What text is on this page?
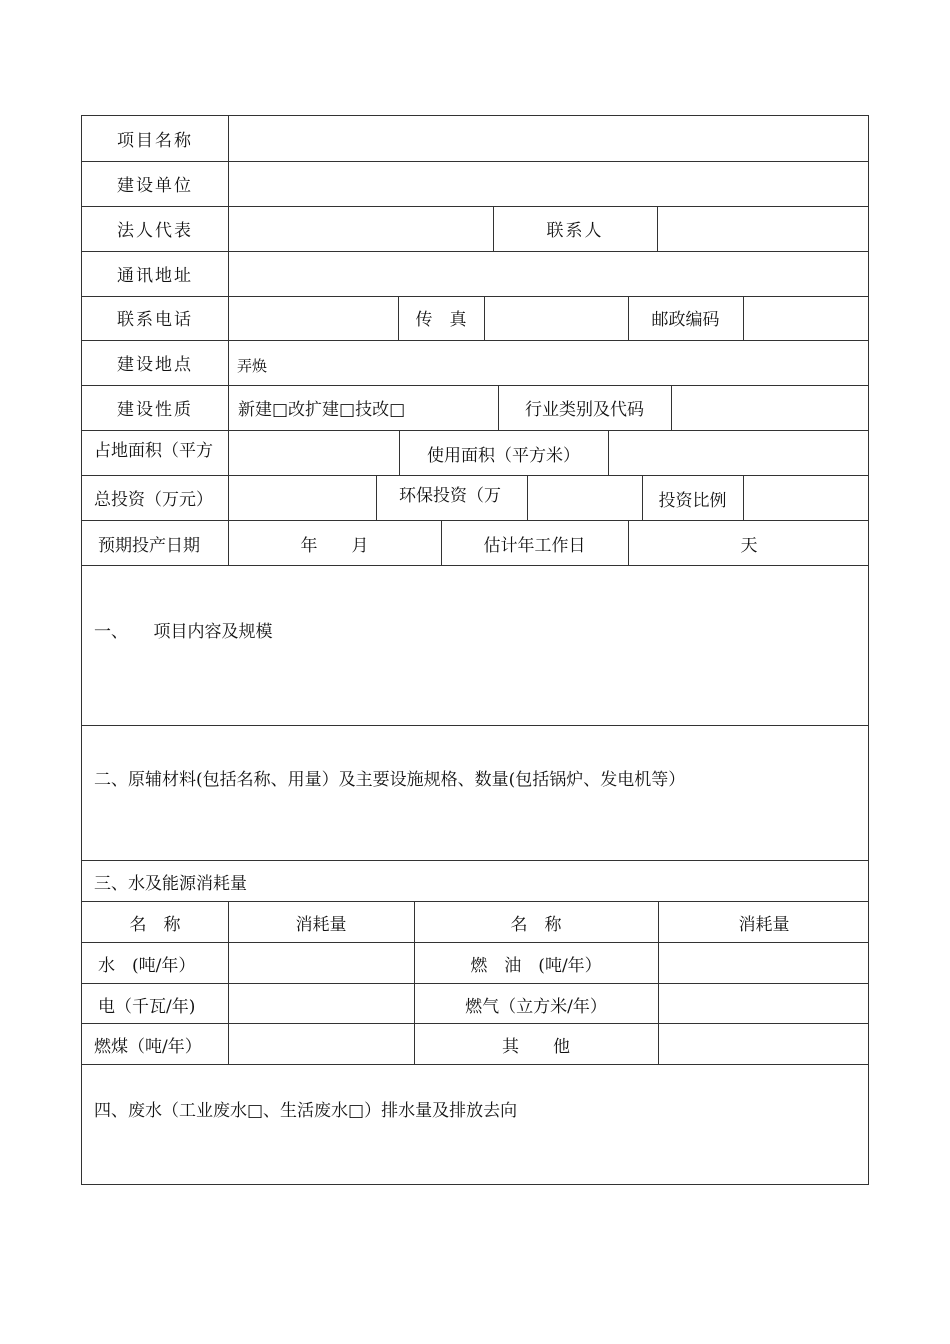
项目名称
建设单位
法人代表	联系人
通讯地址
联系电话	传　真	邮政编码
建设地点	弄焕
建设性质	新建□改扩建□技改□	行业类别及代码
占地面积（平方	使用面积（平方米）
总投资（万元）	环保投资（万	投资比例
预期投产日期	年　　月	估计年工作日	天
一、　　项目内容及规模
二、原辅材料(包括名称、用量）及主要设施规格、数量(包括锅炉、发电机等）
三、水及能源消耗量
名　称	消耗量	名　称	消耗量
水　(吨/年）	燃　油　(吨/年）
电（千瓦/年)	燃气（立方米/年）
燃煤（吨/年）	其　　他
四、废水（工业废水□、生活废水□）排水量及排放去向
